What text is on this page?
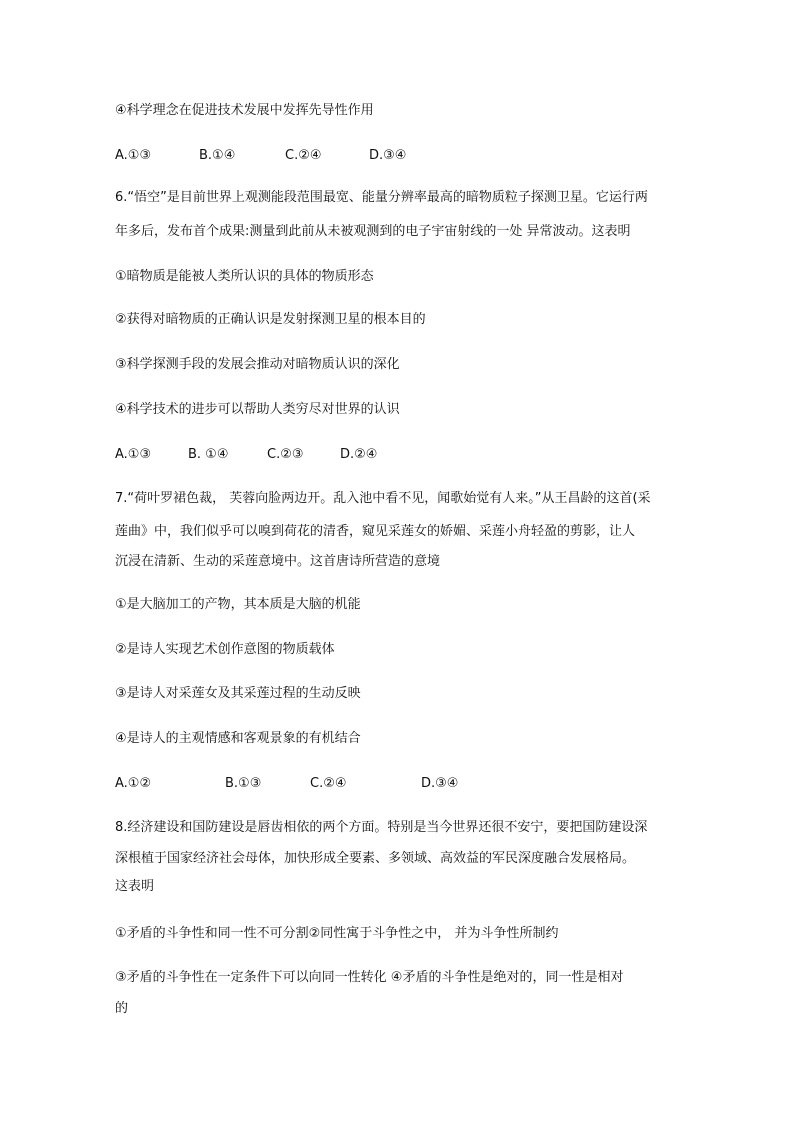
④科学理念在促进技术发展中发挥先导性作用
A.①③	B.①④	C.②④	D.③④
6.“悟空”是目前世界上观测能段范围最宽、能量分辨率最高的暗物质粒子探测卫星。它运行两
年多后，发布首个成果:测量到此前从未被观测到的电子宇宙射线的一处 异常波动。这表明
①暗物质是能被人类所认识的具体的物质形态
②获得对暗物质的正确认识是发射探测卫星的根本目的
③科学探测手段的发展会推动对暗物质认识的深化
④科学技术的进步可以帮助人类穷尽对世界的认识
A.①③	B. ①④	C.②③	D.②④
7.“荷叶罗裙色裁， 芙蓉向脸两边开。乱入池中看不见，闻歌始觉有人来。”从王昌龄的这首(采
莲曲》中，我们似乎可以嗅到荷花的清香，窥见采莲女的娇媚、采莲小舟轻盈的剪影，让人
沉浸在清新、生动的采莲意境中。这首唐诗所营造的意境
①是大脑加工的产物，其本质是大脑的机能
②是诗人实现艺术创作意图的物质载体
③是诗人对采莲女及其采莲过程的生动反映
④是诗人的主观情感和客观景象的有机结合
A.①②	B.①③	C.②④	D.③④
8.经济建设和国防建设是唇齿相依的两个方面。特别是当今世界还很不安宁，要把国防建设深
深根植于国家经济社会母体，加快形成全要素、多领域、高效益的军民深度融合发展格局。
这表明
①矛盾的斗争性和同一性不可分割②同性寓于斗争性之中， 并为斗争性所制约
③矛盾的斗争性在一定条件下可以向同一性转化 ④矛盾的斗争性是绝对的，同一性是相对
的
